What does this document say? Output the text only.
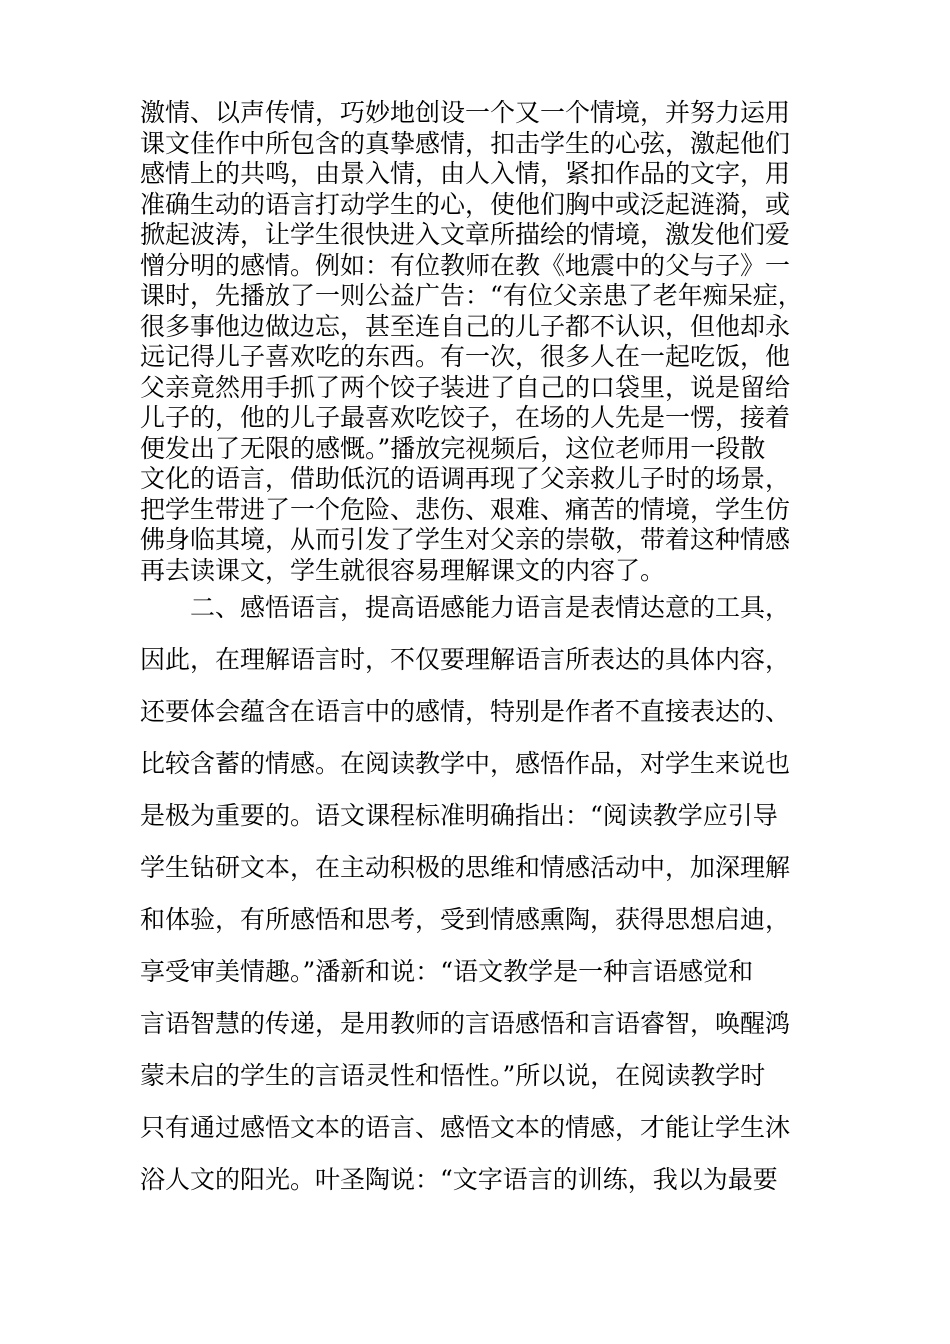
激情、以声传情，巧妙地创设一个又一个情境，并努力运用
课文佳作中所包含的真挚感情，扣击学生的心弦，激起他们
感情上的共鸣，由景入情，由人入情，紧扣作品的文字，用
准确生动的语言打动学生的心，使他们胸中或泛起涟漪，或
掀起波涛，让学生很快进入文章所描绘的情境，激发他们爱
憎分明的感情。例如：有位教师在教《地震中的父与子》一
课时，先播放了一则公益广告：“有位父亲患了老年痴呆症，
很多事他边做边忘，甚至连自己的儿子都不认识，但他却永
远记得儿子喜欢吃的东西。有一次，很多人在一起吃饭，他
父亲竟然用手抓了两个饺子装进了自己的口袋里，说是留给
儿子的，他的儿子最喜欢吃饺子，在场的人先是一愣，接着
便发出了无限的感慨。”播放完视频后，这位老师用一段散
文化的语言，借助低沉的语调再现了父亲救儿子时的场景，
把学生带进了一个危险、悲伤、艰难、痛苦的情境，学生仿
佛身临其境，从而引发了学生对父亲的崇敬，带着这种情感
再去读课文，学生就很容易理解课文的内容了。
二、感悟语言，提高语感能力语言是表情达意的工具，
因此，在理解语言时，不仅要理解语言所表达的具体内容，
还要体会蕴含在语言中的感情，特别是作者不直接表达的、
比较含蓄的情感。在阅读教学中，感悟作品，对学生来说也
是极为重要的。语文课程标准明确指出：“阅读教学应引导
学生钻研文本，在主动积极的思维和情感活动中，加深理解
和体验，有所感悟和思考，受到情感熏陶，获得思想启迪，
享受审美情趣。”潘新和说：“语文教学是一种言语感觉和
言语智慧的传递，是用教师的言语感悟和言语睿智，唤醒鸿
蒙未启的学生的言语灵性和悟性。”所以说，在阅读教学时
只有通过感悟文本的语言、感悟文本的情感，才能让学生沐
浴人文的阳光。叶圣陶说：“文字语言的训练，我以为最要
